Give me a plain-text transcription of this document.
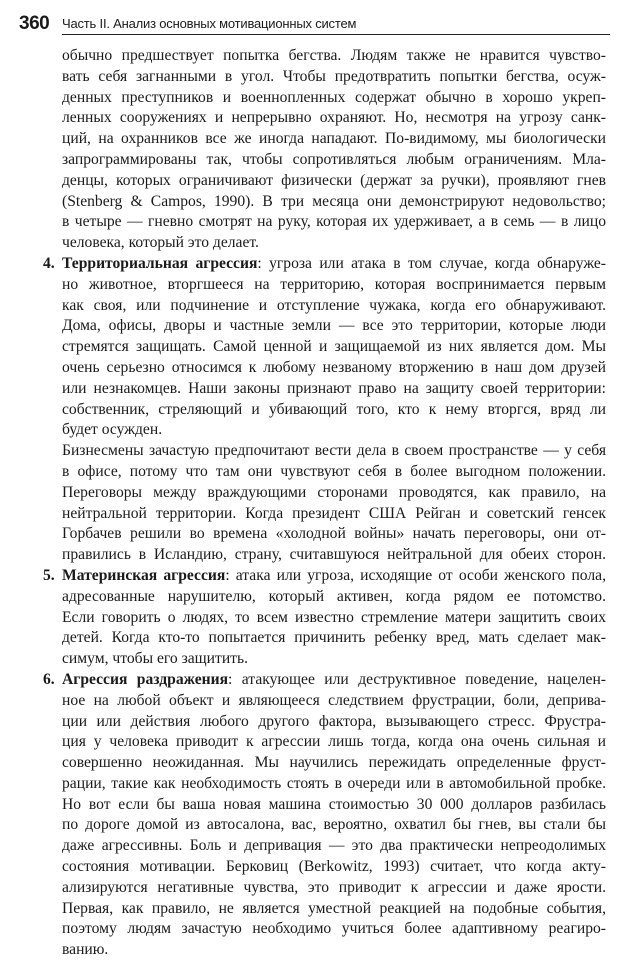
360 Часть II. Анализ основных мотивационных систем
обычно предшествует попытка бегства. Людям также не нравится чувство-
вать себя загнанными в угол. Чтобы предотвратить попытки бегства, осуж-
денных преступников и военнопленных содержат обычно в хорошо укреп-
ленных сооружениях и непрерывно охраняют. Но, несмотря на угрозу санк-
ций, на охранников все же иногда нападают. По-видимому, мы биологически
запрограммированы так, чтобы сопротивляться любым ограничениям. Мла-
денцы, которых ограничивают физически (держат за ручки), проявляют гнев
(Stenberg & Campos, 1990). В три месяца они демонстрируют недовольство;
в четыре — гневно смотрят на руку, которая их удерживает, а в семь — в лицо
человека, который это делает.
4. Территориальная агрессия: угроза или атака в том случае, когда обнаруже-
но животное, вторгшееся на территорию, которая воспринимается первым
как своя, или подчинение и отступление чужака, когда его обнаруживают.
Дома, офисы, дворы и частные земли — все это территории, которые люди
стремятся защищать. Самой ценной и защищаемой из них является дом. Мы
очень серьезно относимся к любому незваному вторжению в наш дом друзей
или незнакомцев. Наши законы признают право на защиту своей территории:
собственник, стреляющий и убивающий того, кто к нему вторгся, вряд ли
будет осужден.
Бизнесмены зачастую предпочитают вести дела в своем пространстве — у себя
в офисе, потому что там они чувствуют себя в более выгодном положении.
Переговоры между враждующими сторонами проводятся, как правило, на
нейтральной территории. Когда президент США Рейган и советский генсек
Горбачев решили во времена «холодной войны» начать переговоры, они от-
правились в Исландию, страну, считавшуюся нейтральной для обеих сторон.
5. Материнская агрессия: атака или угроза, исходящие от особи женского пола,
адресованные нарушителю, который активен, когда рядом ее потомство.
Если говорить о людях, то всем известно стремление матери защитить своих
детей. Когда кто-то попытается причинить ребенку вред, мать сделает мак-
симум, чтобы его защитить.
6. Агрессия раздражения: атакующее или деструктивное поведение, нацелен-
ное на любой объект и являющееся следствием фрустрации, боли, деприва-
ции или действия любого другого фактора, вызывающего стресс. Фрустра-
ция у человека приводит к агрессии лишь тогда, когда она очень сильная и
совершенно неожиданная. Мы научились пережидать определенные фруст-
рации, такие как необходимость стоять в очереди или в автомобильной пробке.
Но вот если бы ваша новая машина стоимостью 30 000 долларов разбилась
по дороге домой из автосалона, вас, вероятно, охватил бы гнев, вы стали бы
даже агрессивны. Боль и депривация — это два практически непреодолимых
состояния мотивации. Берковиц (Berkowitz, 1993) считает, что когда акту-
ализируются негативные чувства, это приводит к агрессии и даже ярости.
Первая, как правило, не является уместной реакцией на подобные события,
поэтому людям зачастую необходимо учиться более адаптивному реагиро-
ванию.
